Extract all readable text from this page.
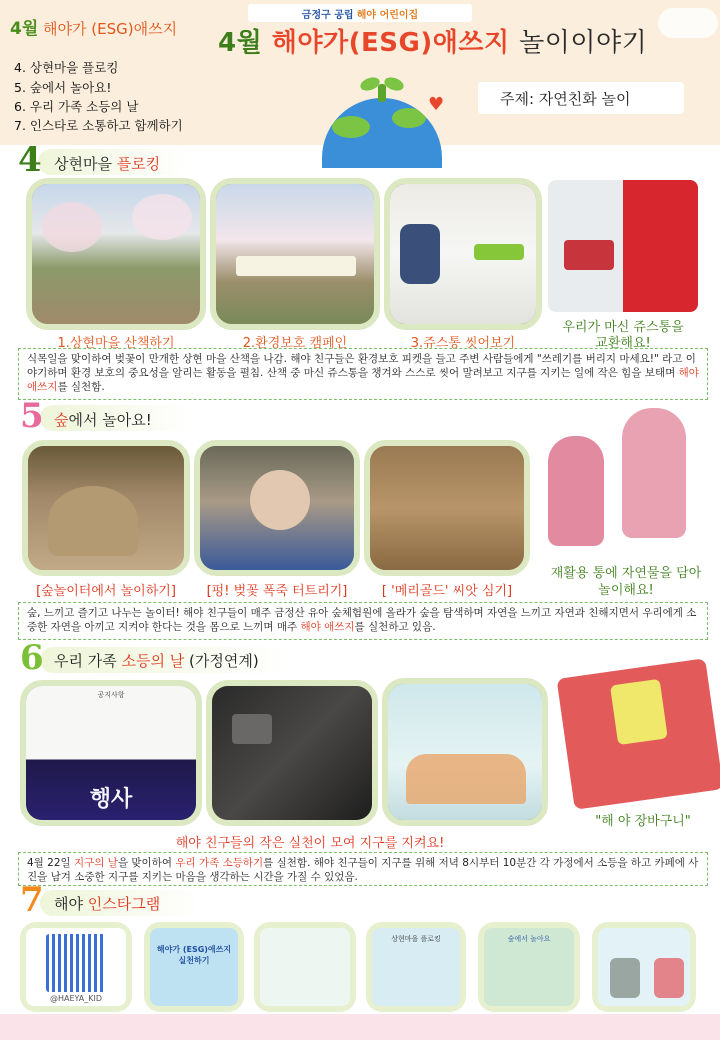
4월 해야가 (ESG)애쓰지
4. 상현마을 플로킹
5. 숲에서 놀아요!
6. 우리 가족 소등의 날
7. 인스타로 소통하고 함께하기
4월 해야가(ESG)애쓰지 놀이이야기
주제: 자연친화 놀이
♥
4 상현마을 플로킹
1.상현마을 산책하기	2.환경보호 캠페인	3.쥬스통 씻어보기
우리가 마신 쥬스통을
교환해요!
식목일을 맞이하여 벚꽃이 만개한 상현 마을 산책을 나감. 해야 친구들은 환경보호 피켓을 들고 주변 사람들에게 "쓰레기를 버리지 마세요!" 라고 이야기하며 환경 보호의 중요성을 알리는 활동을 펼침. 산책 중 마신 쥬스통을 챙겨와 스스로 씻어 말려보고 지구를 지키는 일에 작은 힘을 보태며 해야 애쓰지를 실천함.
5 숲에서 놀아요!
[숲놀이터에서 놀이하기]	[펑! 벚꽃 폭죽 터트리기]	[ '메리골드' 씨앗 심기]
재활용 통에 자연물을 담아
놀이해요!
숲, 느끼고 즐기고 나누는 놀이터! 해야 친구들이 매주 금정산 유아 숲체험원에 올라가 숲을 탐색하며 자연을 느끼고 자연과 친해지면서 우리에게 소중한 자연을 아끼고 지켜야 한다는 것을 몸으로 느끼며 매주 해야 애쓰지를 실천하고 있음.
6 우리 가족 소등의 날 (가정연계)
공지사항
행사
해야 친구들의 작은 실천이 모여 지구를 지켜요!
"해 야 장바구니"
4월 22일 지구의 날을 맞이하여 우리 가족 소등하기를 실천함. 해야 친구들이 지구를 위해 저녁 8시부터 10분간 각 가정에서 소등을 하고 카페에 사진을 남겨 소중한 지구를 지키는 마음을 생각하는 시간을 가질 수 있었음.
7 해야 인스타그램
@HAEYA_KID
해야가 (ESG)애쓰지 실천하기
상현마을 플로킹	숲에서 놀아요
금정구 공립 해야 어린이집
